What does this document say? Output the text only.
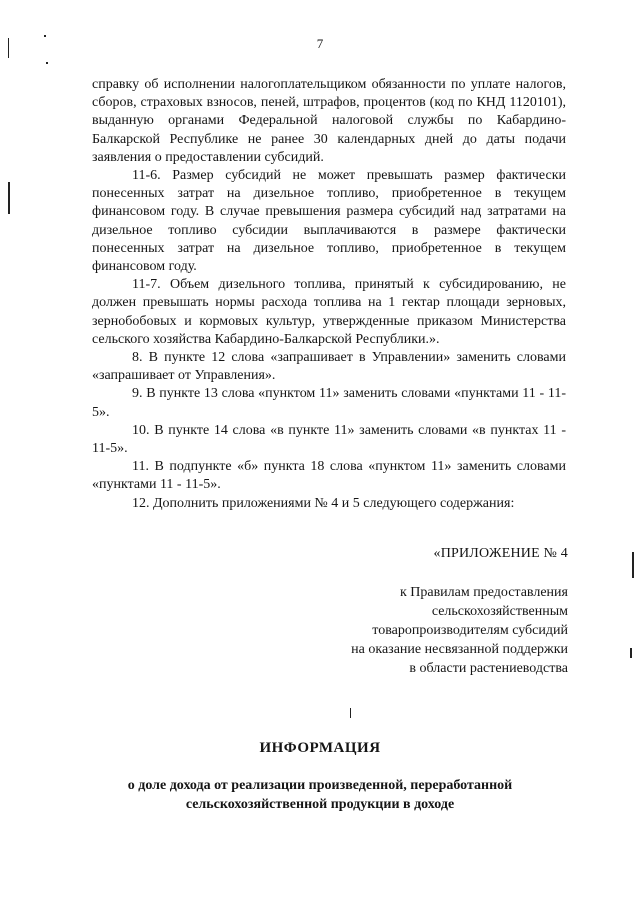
7

справку об исполнении налогоплательщиком обязанности по уплате налогов, сборов, страховых взносов, пеней, штрафов, процентов (код по КНД 1120101), выданную органами Федеральной налоговой службы по Кабардино-Балкарской Республике не ранее 30 календарных дней до даты подачи заявления о предоставлении субсидий.

11-6. Размер субсидий не может превышать размер фактически понесенных затрат на дизельное топливо, приобретенное в текущем финансовом году. В случае превышения размера субсидий над затратами на дизельное топливо субсидии выплачиваются в размере фактически понесенных затрат на дизельное топливо, приобретенное в текущем финансовом году.

11-7. Объем дизельного топлива, принятый к субсидированию, не должен превышать нормы расхода топлива на 1 гектар площади зерновых, зернобобовых и кормовых культур, утвержденные приказом Министерства сельского хозяйства Кабардино-Балкарской Республики.».

8. В пункте 12 слова «запрашивает в Управлении» заменить словами «запрашивает от Управления».

9. В пункте 13 слова «пунктом 11» заменить словами «пунктами 11 - 11-5».

10. В пункте 14 слова «в пункте 11» заменить словами «в пунктах 11 - 11-5».

11. В подпункте «б» пункта 18 слова «пунктом 11» заменить словами «пунктами 11 - 11-5».

12. Дополнить приложениями № 4 и 5 следующего содержания:

«ПРИЛОЖЕНИЕ № 4
к Правилам предоставления
сельскохозяйственным
товаропроизводителям субсидий
на оказание несвязанной поддержки
в области растениеводства
ИНФОРМАЦИЯ
о доле дохода от реализации произведенной, переработанной
сельскохозяйственной продукции в доходе
